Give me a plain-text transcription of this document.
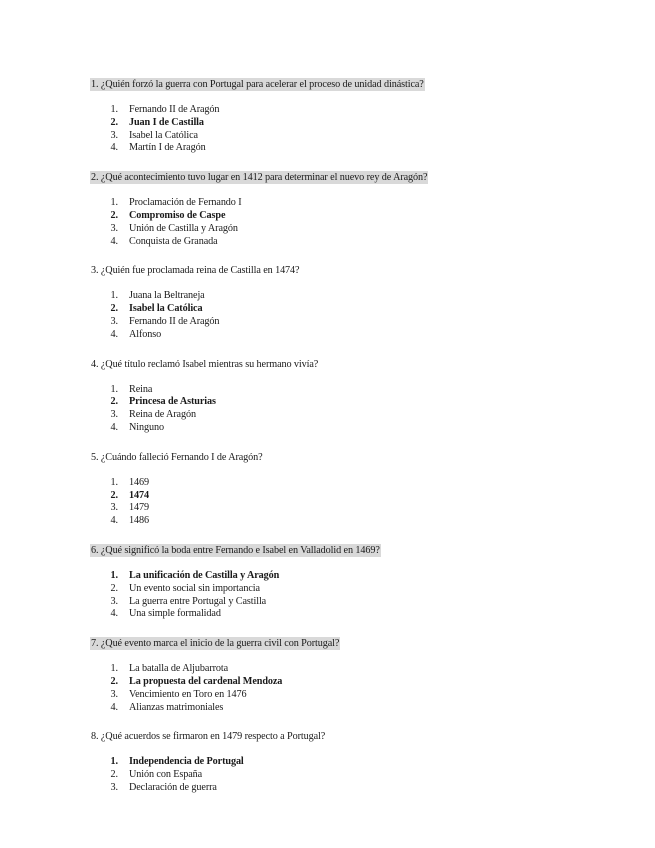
1. ¿Quién forzó la guerra con Portugal para acelerar el proceso de unidad dinástica?

1.	Fernando II de Aragón
2.	Juan I de Castilla
3.	Isabel la Católica
4.	Martín I de Aragón

2. ¿Qué acontecimiento tuvo lugar en 1412 para determinar el nuevo rey de Aragón?

1.	Proclamación de Fernando I
2.	Compromiso de Caspe
3.	Unión de Castilla y Aragón
4.	Conquista de Granada

3. ¿Quién fue proclamada reina de Castilla en 1474?

1.	Juana la Beltraneja
2.	Isabel la Católica
3.	Fernando II de Aragón
4.	Alfonso

4. ¿Qué título reclamó Isabel mientras su hermano vivía?

1.	Reina
2.	Princesa de Asturias
3.	Reina de Aragón
4.	Ninguno

5. ¿Cuándo falleció Fernando I de Aragón?

1.	1469
2.	1474
3.	1479
4.	1486

6. ¿Qué significó la boda entre Fernando e Isabel en Valladolid en 1469?

1.	La unificación de Castilla y Aragón
2.	Un evento social sin importancia
3.	La guerra entre Portugal y Castilla
4.	Una simple formalidad

7. ¿Qué evento marca el inicio de la guerra civil con Portugal?

1.	La batalla de Aljubarrota
2.	La propuesta del cardenal Mendoza
3.	Vencimiento en Toro en 1476
4.	Alianzas matrimoniales

8. ¿Qué acuerdos se firmaron en 1479 respecto a Portugal?

1.	Independencia de Portugal
2.	Unión con España
3.	Declaración de guerra
